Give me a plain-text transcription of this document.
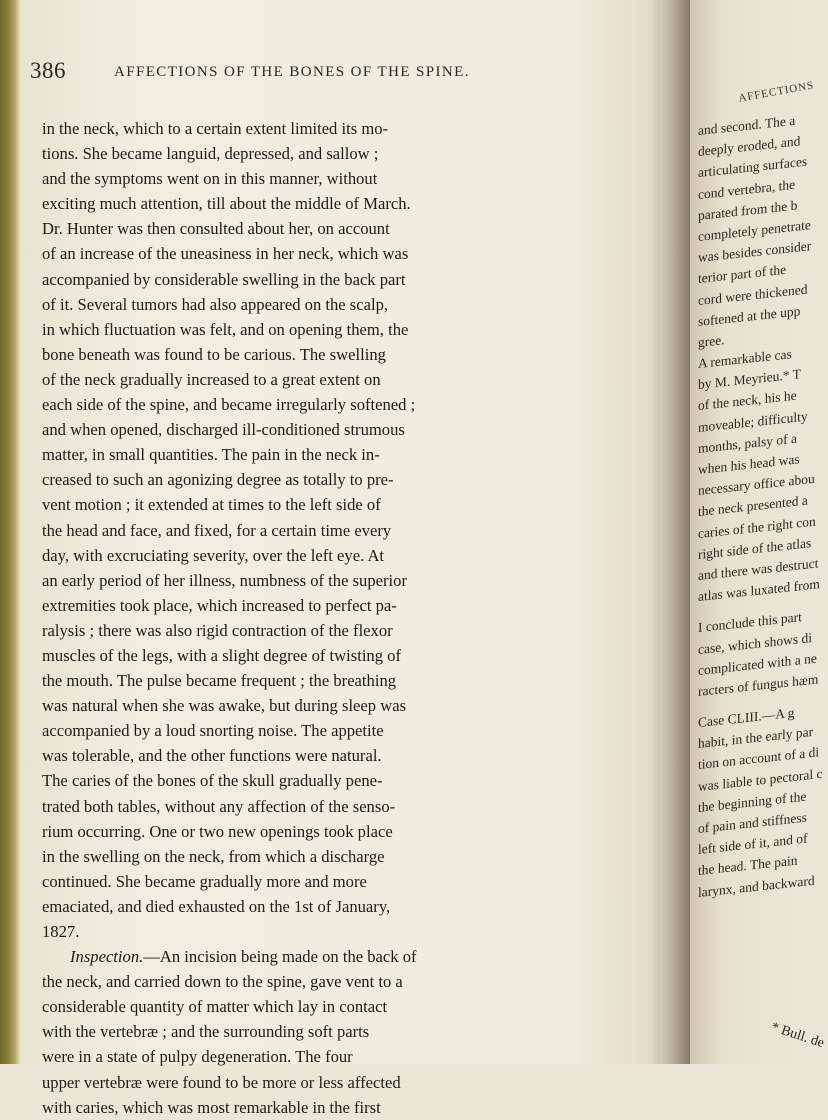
386	AFFECTIONS OF THE BONES OF THE SPINE.
in the neck, which to a certain extent limited its mo-
tions. She became languid, depressed, and sallow ;
and the symptoms went on in this manner, without
exciting much attention, till about the middle of March.
Dr. Hunter was then consulted about her, on account
of an increase of the uneasiness in her neck, which was
accompanied by considerable swelling in the back part
of it. Several tumors had also appeared on the scalp,
in which fluctuation was felt, and on opening them, the
bone beneath was found to be carious. The swelling
of the neck gradually increased to a great extent on
each side of the spine, and became irregularly softened ;
and when opened, discharged ill-conditioned strumous
matter, in small quantities. The pain in the neck in-
creased to such an agonizing degree as totally to pre-
vent motion ; it extended at times to the left side of
the head and face, and fixed, for a certain time every
day, with excruciating severity, over the left eye. At
an early period of her illness, numbness of the superior
extremities took place, which increased to perfect pa-
ralysis ; there was also rigid contraction of the flexor
muscles of the legs, with a slight degree of twisting of
the mouth. The pulse became frequent ; the breathing
was natural when she was awake, but during sleep was
accompanied by a loud snorting noise. The appetite
was tolerable, and the other functions were natural.
The caries of the bones of the skull gradually pene-
trated both tables, without any affection of the senso-
rium occurring. One or two new openings took place
in the swelling on the neck, from which a discharge
continued. She became gradually more and more
emaciated, and died exhausted on the 1st of January,
1827.
Inspection.—An incision being made on the back of
the neck, and carried down to the spine, gave vent to a
considerable quantity of matter which lay in contact
with the vertebræ ; and the surrounding soft parts
were in a state of pulpy degeneration. The four
upper vertebræ were found to be more or less affected
with caries, which was most remarkable in the first
AFFECTIONS
and second. The a
deeply eroded, and
articulating surfaces
cond vertebra, the
parated from the b
completely penetrate
was besides consider
terior part of the
cord were thickened
softened at the upp
gree.
A remarkable cas
by M. Meyrieu.* T
of the neck, his he
moveable; difficulty
months, palsy of a
when his head was
necessary office abou
the neck presented a
caries of the right con
right side of the atlas
and there was destruct
atlas was luxated from
I conclude this part
case, which shows di
complicated with a ne
racters of fungus hæm
Case CLIII.—A g
habit, in the early par
tion on account of a di
was liable to pectoral c
the beginning of the
of pain and stiffness
left side of it, and of
the head. The pain
larynx, and backward
* Bull. de
